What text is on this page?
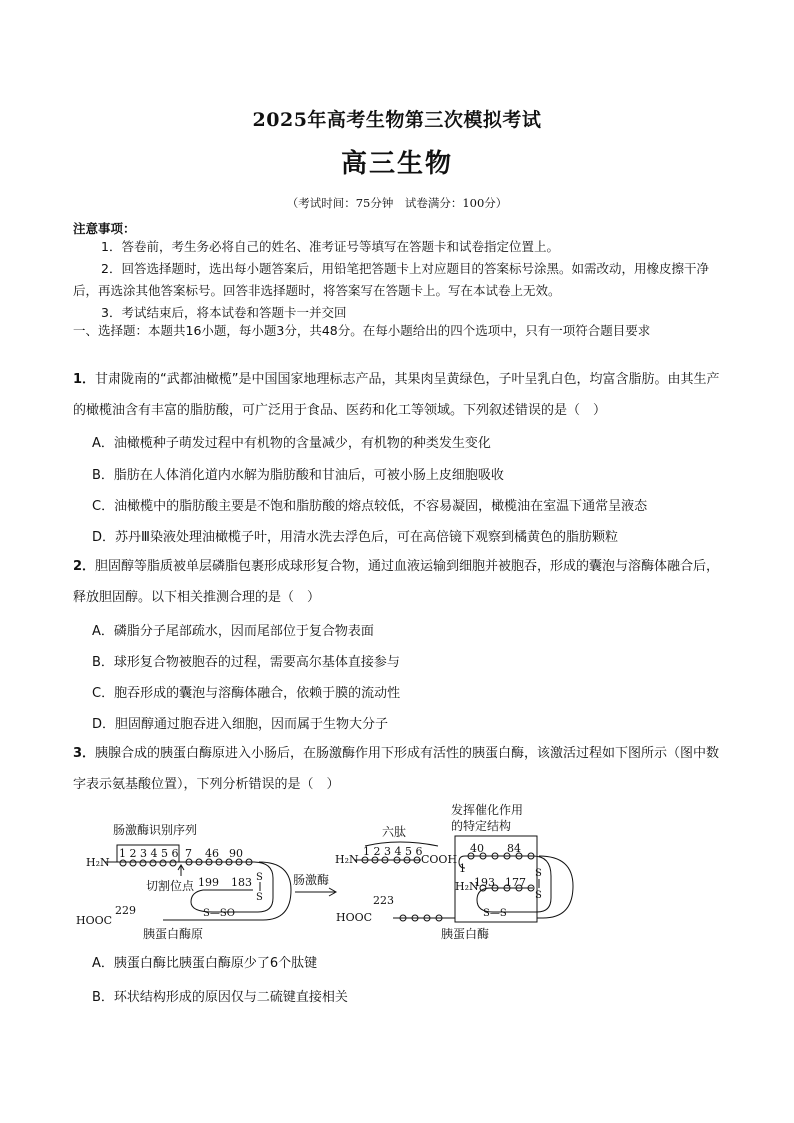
2025年高考生物第三次模拟考试
高三生物
（考试时间：75分钟　试卷满分：100分）
注意事项：
1．答卷前，考生务必将自己的姓名、准考证号等填写在答题卡和试卷指定位置上。
2．回答选择题时，选出每小题答案后，用铅笔把答题卡上对应题目的答案标号涂黑。如需改动，用橡皮擦干净后，再选涂其他答案标号。回答非选择题时，将答案写在答题卡上。写在本试卷上无效。
3．考试结束后，将本试卷和答题卡一并交回
一、选择题：本题共16小题，每小题3分，共48分。在每小题给出的四个选项中，只有一项符合题目要求
1．甘肃陇南的“武都油橄榄”是中国国家地理标志产品，其果肉呈黄绿色，子叶呈乳白色，均富含脂肪。由其生产的橄榄油含有丰富的脂肪酸，可广泛用于食品、医药和化工等领域。下列叙述错误的是（　）
A．油橄榄种子萌发过程中有机物的含量减少，有机物的种类发生变化
B．脂肪在人体消化道内水解为脂肪酸和甘油后，可被小肠上皮细胞吸收
C．油橄榄中的脂肪酸主要是不饱和脂肪酸的熔点较低，不容易凝固，橄榄油在室温下通常呈液态
D．苏丹Ⅲ染液处理油橄榄子叶，用清水洗去浮色后，可在高倍镜下观察到橘黄色的脂肪颗粒
2．胆固醇等脂质被单层磷脂包裹形成球形复合物，通过血液运输到细胞并被胞吞，形成的囊泡与溶酶体融合后，释放胆固醇。以下相关推测合理的是（　）
A．磷脂分子尾部疏水，因而尾部位于复合物表面
B．球形复合物被胞吞的过程，需要高尔基体直接参与
C．胞吞形成的囊泡与溶酶体融合，依赖于膜的流动性
D．胆固醇通过胞吞进入细胞，因而属于生物大分子
3．胰腺合成的胰蛋白酶原进入小肠后，在肠激酶作用下形成有活性的胰蛋白酶，该激活过程如下图所示（图中数字表示氨基酸位置），下列分析错误的是（　）
肠激酶识别序列
H₂N
1 2 3 4 5 6 7 46 90
切割位点 199 183 S
S
S—SO
229
HOOC
胰蛋白酶原
肠激酶
六肽
H₂N
1 2 3 4 5 6
COOH
发挥催化作用
的特定结构
40 84
1
H₂N
193 177
S
S
S—S
223
HOOC
胰蛋白酶
A．胰蛋白酶比胰蛋白酶原少了6个肽键
B．环状结构形成的原因仅与二硫键直接相关
